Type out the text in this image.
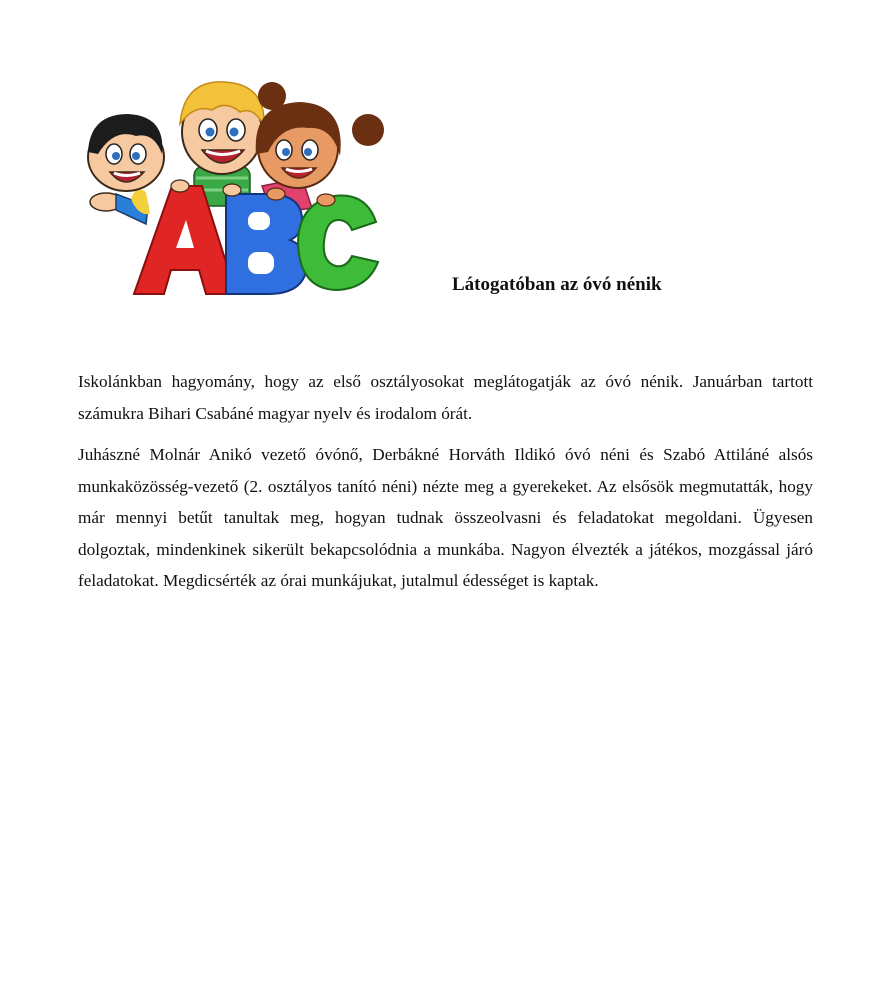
Látogatóban az óvó nénik

Iskolánkban hagyomány, hogy az első osztályosokat meglátogatják az óvó nénik. Januárban tartott számukra Bihari Csabáné magyar nyelv és irodalom órát.

Juhászné Molnár Anikó vezető óvónő, Derbákné Horváth Ildikó óvó néni és Szabó Attiláné alsós munkaközösség-vezető (2. osztályos tanító néni) nézte meg a gyerekeket. Az elsősök megmutatták, hogy már mennyi betűt tanultak meg, hogyan tudnak összeolvasni és feladatokat megoldani. Ügyesen dolgoztak, mindenkinek sikerült bekapcsolódnia a munkába. Nagyon élvezték a játékos, mozgással járó feladatokat. Megdicsérték az órai munkájukat, jutalmul édességet is kaptak.
